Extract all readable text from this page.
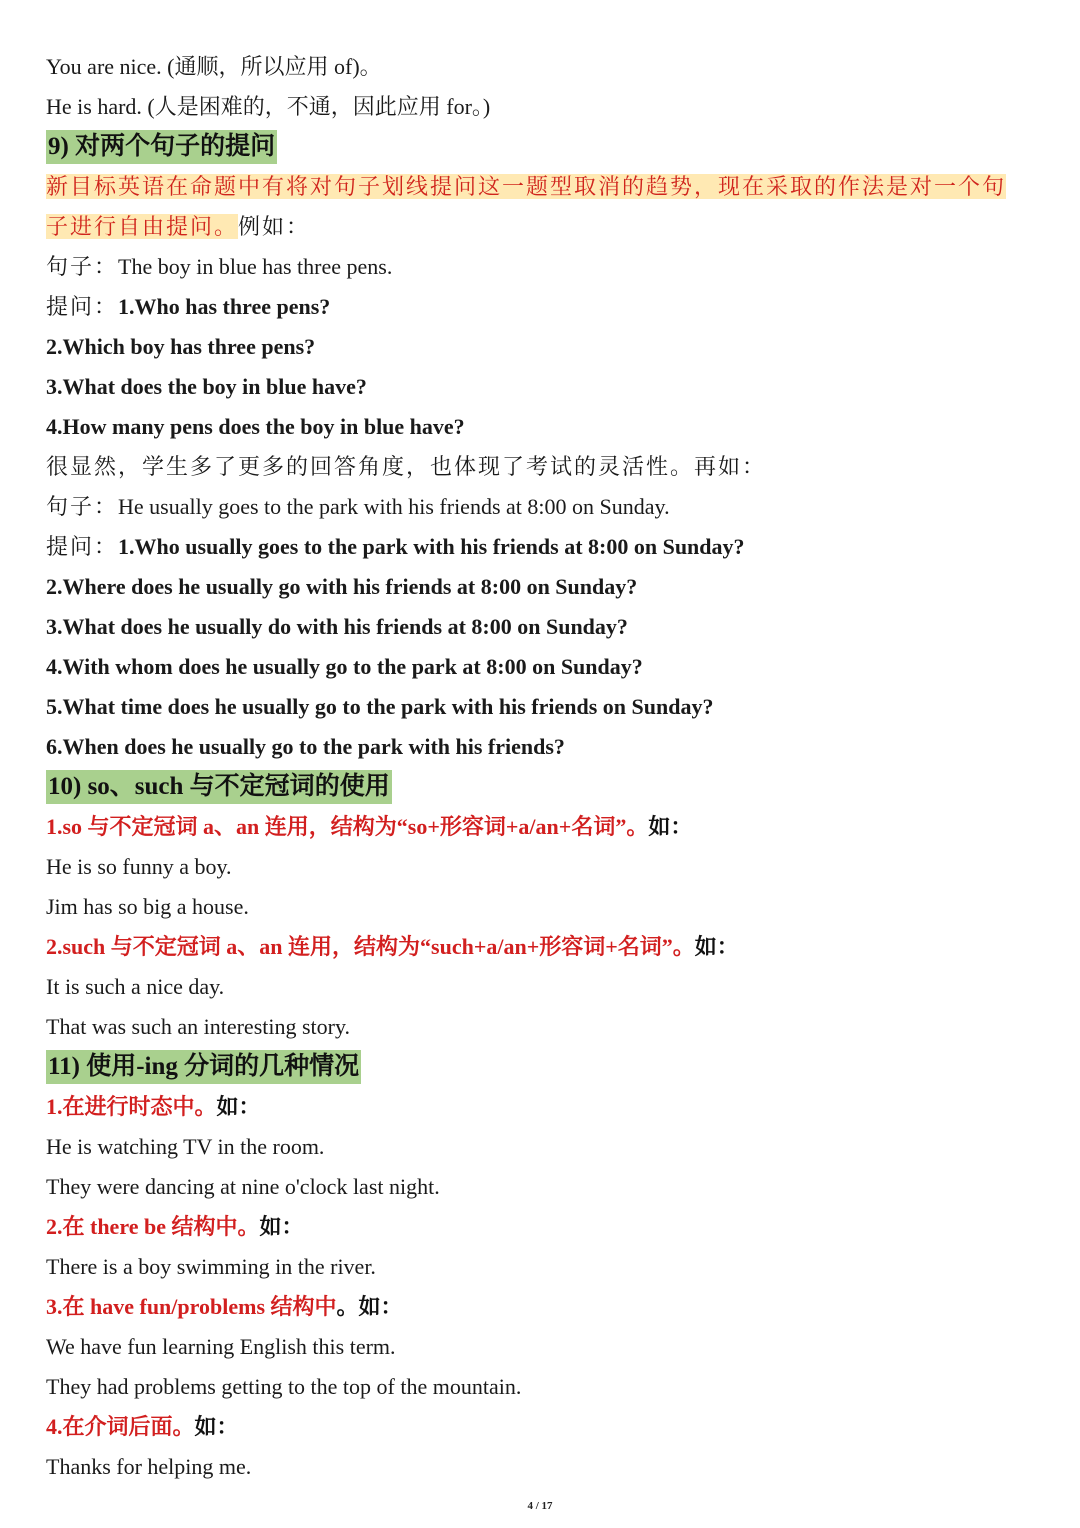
You are nice. (通顺，所以应用 of)。
He is hard. (人是困难的，不通，因此应用 for。)
9) 对两个句子的提问
新目标英语在命题中有将对句子划线提问这一题型取消的趋势，现在采取的作法是对一个句
子进行自由提问。例如：
句子：The boy in blue has three pens.
提问：1.Who has three pens?
2.Which boy has three pens?
3.What does the boy in blue have?
4.How many pens does the boy in blue have?
很显然，学生多了更多的回答角度，也体现了考试的灵活性。再如：
句子：He usually goes to the park with his friends at 8:00 on Sunday.
提问：1.Who usually goes to the park with his friends at 8:00 on Sunday?
2.Where does he usually go with his friends at 8:00 on Sunday?
3.What does he usually do with his friends at 8:00 on Sunday?
4.With whom does he usually go to the park at 8:00 on Sunday?
5.What time does he usually go to the park with his friends on Sunday?
6.When does he usually go to the park with his friends?
10) so、such 与不定冠词的使用
1.so 与不定冠词 a、an 连用，结构为“so+形容词+a/an+名词”。如：
He is so funny a boy.
Jim has so big a house.
2.such 与不定冠词 a、an 连用，结构为“such+a/an+形容词+名词”。如：
It is such a nice day.
That was such an interesting story.
11) 使用-ing 分词的几种情况
1.在进行时态中。如：
He is watching TV in the room.
They were dancing at nine o'clock last night.
2.在 there be 结构中。如：
There is a boy swimming in the river.
3.在 have fun/problems 结构中。如：
We have fun learning English this term.
They had problems getting to the top of the mountain.
4.在介词后面。如：
Thanks for helping me.
4 / 17
